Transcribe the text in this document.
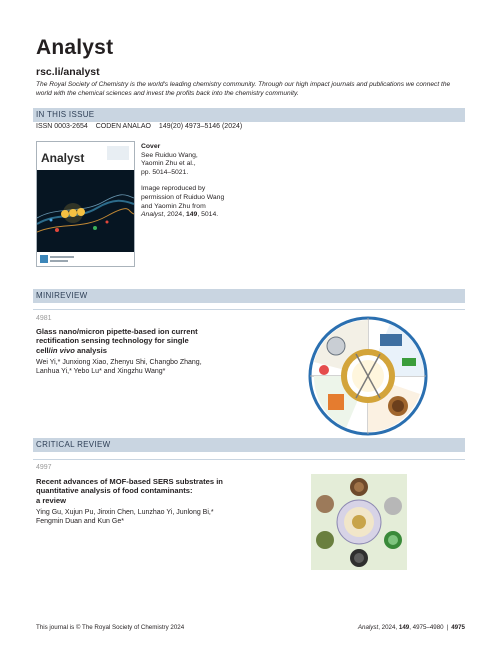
Analyst
rsc.li/analyst
The Royal Society of Chemistry is the world's leading chemistry community. Through our high impact journals and publications we connect the world with the chemical sciences and invest the profits back into the chemistry community.
IN THIS ISSUE
ISSN 0003-2654 CODEN ANALAO 149(20) 4973–5146 (2024)
Analyst
Cover
See Ruiduo Wang,
Yaomin Zhu et al.,
pp. 5014–5021.
Image reproduced by
permission of Ruiduo Wang
and Yaomin Zhu from
Analyst, 2024, 149, 5014.
MINIREVIEW
4981
Glass nano/micron pipette-based ion current
rectification sensing technology for single
cell/in vivo analysis
Wei Yi,* Junxiong Xiao, Zhenyu Shi, Changbo Zhang,
Lanhua Yi,* Yebo Lu* and Xingzhu Wang*
CRITICAL REVIEW
4997
Recent advances of MOF-based SERS substrates in
quantitative analysis of food contaminants:
a review
Ying Gu, Xujun Pu, Jinxin Chen, Lunzhao Yi, Junlong Bi,*
Fengmin Duan and Kun Ge*
This journal is © The Royal Society of Chemistry 2024	Analyst, 2024, 149, 4975–4980 | 4975
